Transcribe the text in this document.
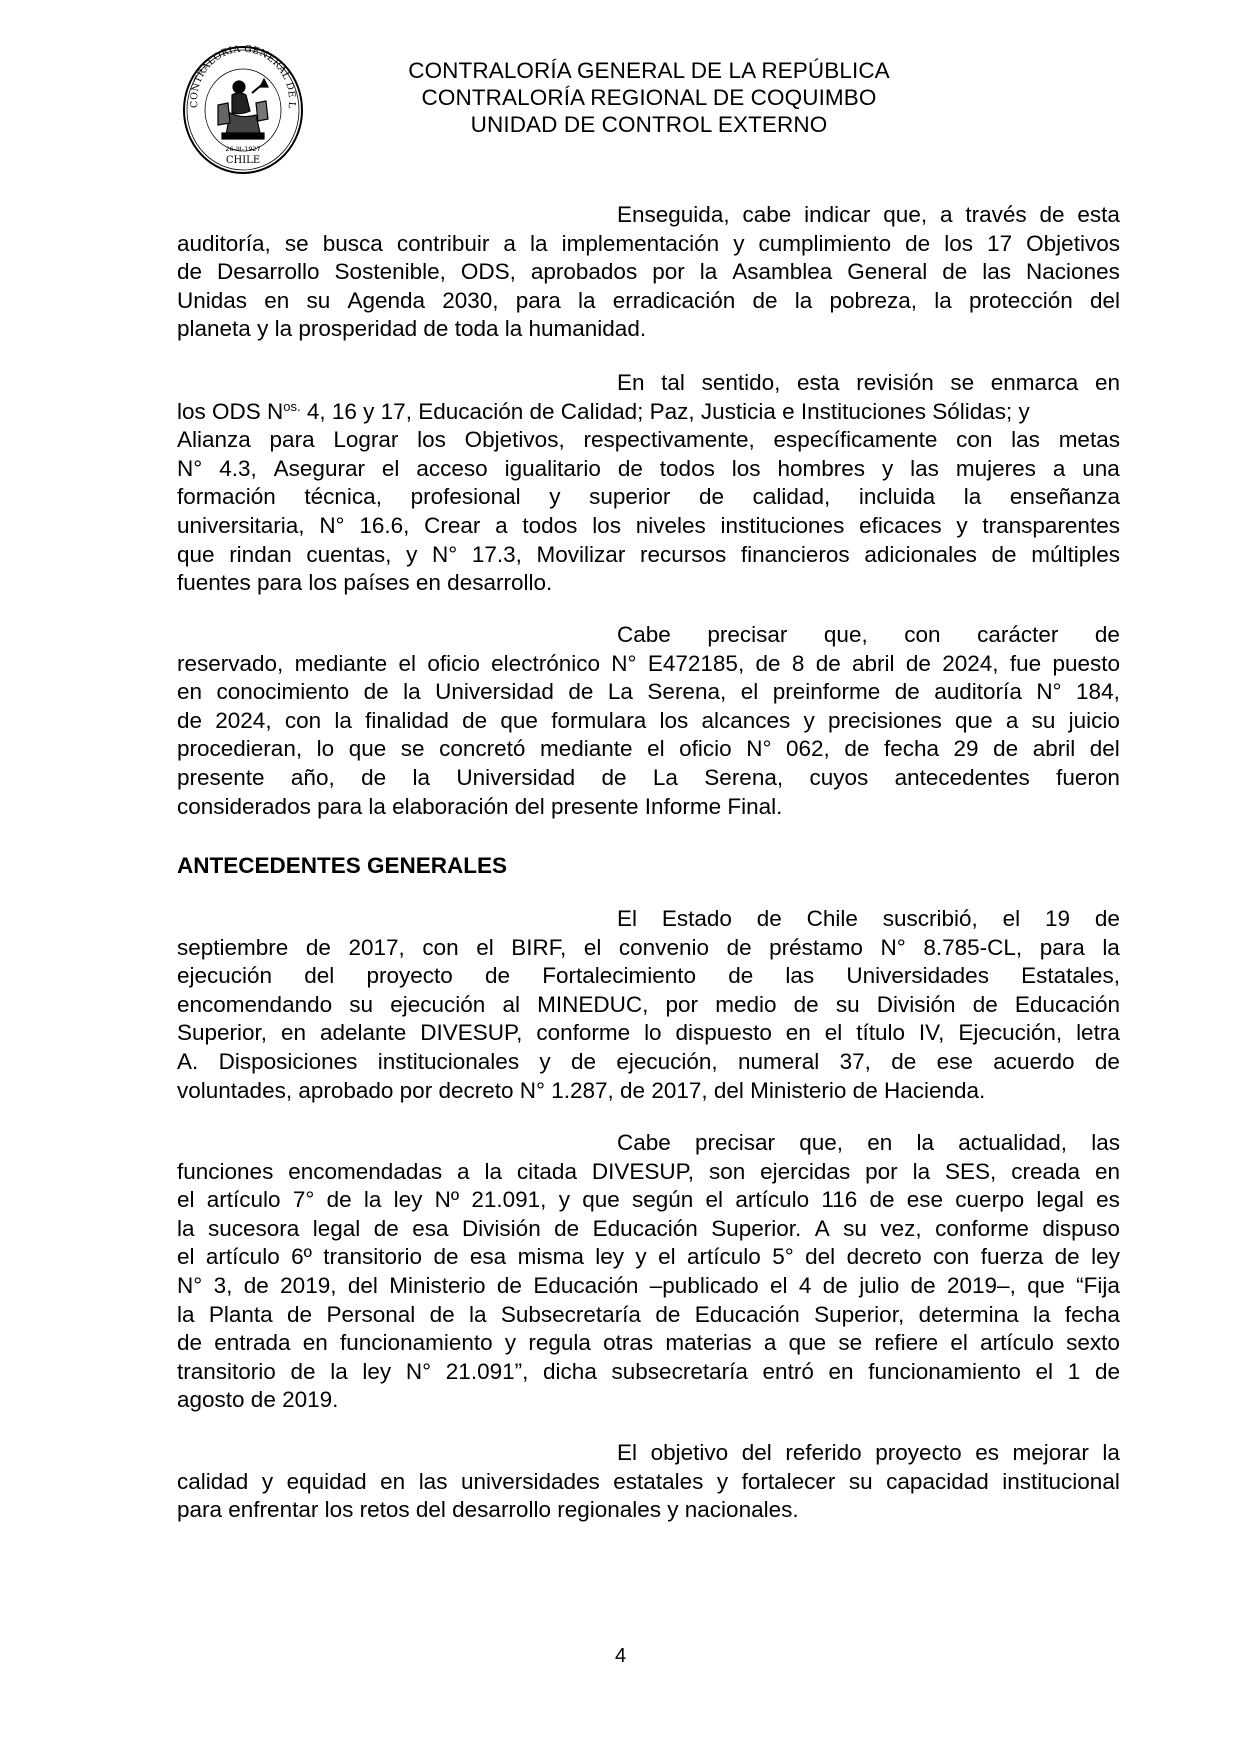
CONTRALORIA GENERAL DE L
CHILE
26-III-1927
CONTRALORÍA GENERAL DE LA REPÚBLICA
CONTRALORÍA REGIONAL DE COQUIMBO
UNIDAD DE CONTROL EXTERNO
Enseguida, cabe indicar que, a través de esta
auditoría, se busca contribuir a la implementación y cumplimiento de los 17 Objetivos
de Desarrollo Sostenible, ODS, aprobados por la Asamblea General de las Naciones
Unidas en su Agenda 2030, para la erradicación de la pobreza, la protección del
planeta y la prosperidad de toda la humanidad.
En tal sentido, esta revisión se enmarca en
los ODS $N^{os.}$ 4, 16 y 17, Educación de Calidad; Paz, Justicia e Instituciones Sólidas; y
Alianza para Lograr los Objetivos, respectivamente, específicamente con las metas
N° 4.3, Asegurar el acceso igualitario de todos los hombres y las mujeres a una
formación técnica, profesional y superior de calidad, incluida la enseñanza
universitaria, N° 16.6, Crear a todos los niveles instituciones eficaces y transparentes
que rindan cuentas, y N° 17.3, Movilizar recursos financieros adicionales de múltiples
fuentes para los países en desarrollo.
Cabe precisar que, con carácter de
reservado, mediante el oficio electrónico N° E472185, de 8 de abril de 2024, fue puesto
en conocimiento de la Universidad de La Serena, el preinforme de auditoría N° 184,
de 2024, con la finalidad de que formulara los alcances y precisiones que a su juicio
procedieran, lo que se concretó mediante el oficio N° 062, de fecha 29 de abril del
presente año, de la Universidad de La Serena, cuyos antecedentes fueron
considerados para la elaboración del presente Informe Final.
ANTECEDENTES GENERALES
El Estado de Chile suscribió, el 19 de
septiembre de 2017, con el BIRF, el convenio de préstamo N° 8.785-CL, para la
ejecución del proyecto de Fortalecimiento de las Universidades Estatales,
encomendando su ejecución al MINEDUC, por medio de su División de Educación
Superior, en adelante DIVESUP, conforme lo dispuesto en el título IV, Ejecución, letra
A. Disposiciones institucionales y de ejecución, numeral 37, de ese acuerdo de
voluntades, aprobado por decreto N° 1.287, de 2017, del Ministerio de Hacienda.
Cabe precisar que, en la actualidad, las
funciones encomendadas a la citada DIVESUP, son ejercidas por la SES, creada en
el artículo 7° de la ley Nº 21.091, y que según el artículo 116 de ese cuerpo legal es
la sucesora legal de esa División de Educación Superior. A su vez, conforme dispuso
el artículo 6º transitorio de esa misma ley y el artículo 5° del decreto con fuerza de ley
N° 3, de 2019, del Ministerio de Educación –publicado el 4 de julio de 2019–, que “Fija
la Planta de Personal de la Subsecretaría de Educación Superior, determina la fecha
de entrada en funcionamiento y regula otras materias a que se refiere el artículo sexto
transitorio de la ley N° 21.091”, dicha subsecretaría entró en funcionamiento el 1 de
agosto de 2019.
El objetivo del referido proyecto es mejorar la
calidad y equidad en las universidades estatales y fortalecer su capacidad institucional
para enfrentar los retos del desarrollo regionales y nacionales.
4
